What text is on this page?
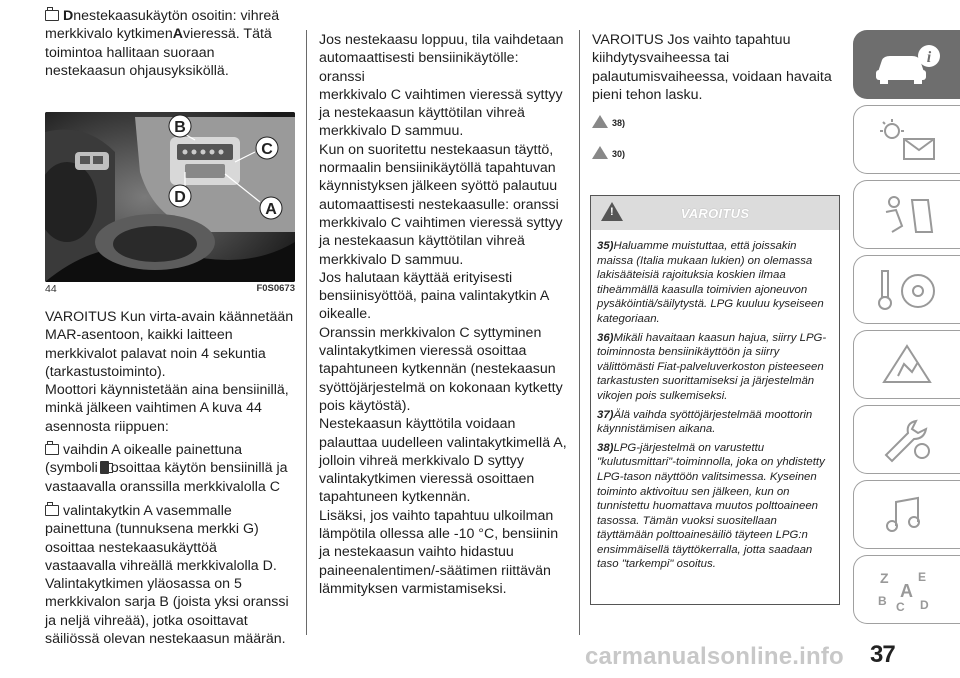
Dnestekaasukäytön osoitin: vihreä
merkkivalo kytkimenAvieressä. Tätä
toimintoa hallitaan suoraan
nestekaasun ohjausyksiköllä.

B
C
D
A
44	F0S0673

VAROITUS Kun virta-avain käännetään
MAR-asentoon, kaikki laitteen
merkkivalot palavat noin 4 sekuntia
(tarkastustoiminto).
Moottori käynnistetään aina bensiinillä,
minkä jälkeen vaihtimen A kuva 44
asennosta riippuen:

vaihdin A oikealle painettuna
(symboli osoittaa käytön bensiinillä ja
vastaavalla oranssilla merkkivalolla C

valintakytkin A vasemmalle
painettuna (tunnuksena merkki G)
osoittaa nestekaasukäyttöä
vastaavalla vihreällä merkkivalolla D.
Valintakytkimen yläosassa on 5
merkkivalon sarja B (joista yksi oranssi
ja neljä vihreää), jotka osoittavat
säiliössä olevan nestekaasun määrän.

Jos nestekaasu loppuu, tila vaihdetaan
automaattisesti bensiinikäytölle: oranssi
merkkivalo C vaihtimen vieressä syttyy
ja nestekaasun käyttötilan vihreä
merkkivalo D sammuu.
Kun on suoritettu nestekaasun täyttö,
normaalin bensiinikäytöllä tapahtuvan
käynnistyksen jälkeen syöttö palautuu
automaattisesti nestekaasulle: oranssi
merkkivalo C vaihtimen vieressä syttyy
ja nestekaasun käyttötilan vihreä
merkkivalo D sammuu.
Jos halutaan käyttää erityisesti
bensiinisyöttöä, paina valintakytkin A
oikealle.
Oranssin merkkivalon C syttyminen
valintakytkimen vieressä osoittaa
tapahtuneen kytkennän (nestekaasun
syöttöjärjestelmä on kokonaan kytketty
pois käytöstä).
Nestekaasun käyttötila voidaan
palauttaa uudelleen valintakytkimellä A,
jolloin vihreä merkkivalo D syttyy
valintakytkimen vieressä osoittaen
tapahtuneen kytkennän.
Lisäksi, jos vaihto tapahtuu ulkoilman
lämpötila ollessa alle -10 °C, bensiinin
ja nestekaasun vaihto hidastuu
paineenalentimen/-säätimen riittävän
lämmityksen varmistamiseksi.

VAROITUS Jos vaihto tapahtuu
kiihdytysvaiheessa tai
palautumisvaiheessa, voidaan havaita
pieni tehon lasku.

38)
30)
!
VAROITUS

35)Haluamme muistuttaa, että joissakin maissa (Italia mukaan lukien) on olemassa lakisääteisiä rajoituksia koskien ilmaa tiheämmällä kaasulla toimivien ajoneuvon pysäköintiä/säilytystä. LPG kuuluu kyseiseen kategoriaan.

36)Mikäli havaitaan kaasun hajua, siirry LPG-toiminnosta bensiinikäyttöön ja siirry välittömästi Fiat-palveluverkoston pisteeseen tarkastusten suorittamiseksi ja järjestelmän vikojen pois sulkemiseksi.

37)Älä vaihda syöttöjärjestelmää moottorin käynnistämisen aikana.

38)LPG-järjestelmä on varustettu "kulutusmittari"-toiminnolla, joka on yhdistetty LPG-tason näyttöön valitsimessa. Kyseinen toiminto aktivoituu sen jälkeen, kun on tunnistettu huomattava muutos polttoaineen tasossa. Tämän vuoksi suositellaan täyttämään polttoainesäiliö täyteen LPG:n ensimmäisellä täyttökerralla, jotta saadaan taso "tarkempi" osoitus.

i
Z E
A
B C D
carmanualsonline.info 37
